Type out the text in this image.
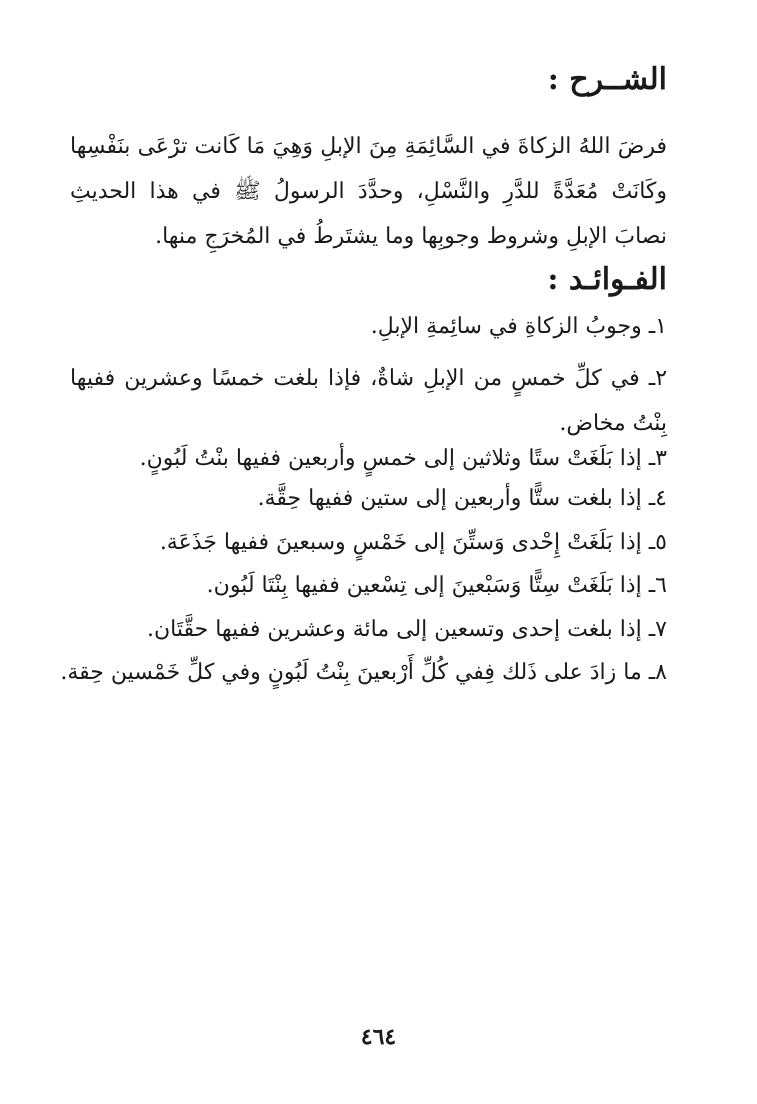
الشــرح :
فرضَ اللهُ الزكاةَ في السَّائِمَةِ مِنَ الإبلِ وَهِيَ مَا كَانت ترْعَى بنَفْسِها وكَانَتْ مُعَدَّةً للدَّرِ والنَّسْلِ، وحدَّدَ الرسولُ ﷺ في هذا الحديثِ نصابَ الإبلِ وشروط وجوبِها وما يشتَرطُ في المُخرَجِ منها.
الفـوائـد :
١ـ وجوبُ الزكاةِ في سائِمةِ الإبلِ.
٢ـ في كلِّ خمسٍ من الإبلِ شاةٌ، فإذا بلغت خمسًا وعشرين ففيها بِنْتُ مخاض.
٣ـ إذا بَلَغَتْ ستًا وثلاثين إلى خمسٍ وأربعين ففيها بنْتُ لَبُونٍ.
٤ـ إذا بلغت ستًّا وأربعين إلى ستين ففيها حِقَّة.
٥ـ إذا بَلَغَتْ إِحْدى وَستِّنَ إلى خَمْسٍ وسبعينَ ففيها جَذَعَة.
٦ـ إذا بَلَغَتْ سِتًّا وَسَبْعينَ إلى تِسْعين ففيها بِنْتَا لَبُون.
٧ـ إذا بلغت إحدى وتسعين إلى مائة وعشرين ففيها حقَّتَان.
٨ـ ما زادَ على ذَلك فِفي كُلِّ أَرْبعينَ بِنْتُ لَبُونٍ وفي كلِّ خَمْسين حِقة.
٤٦٤
